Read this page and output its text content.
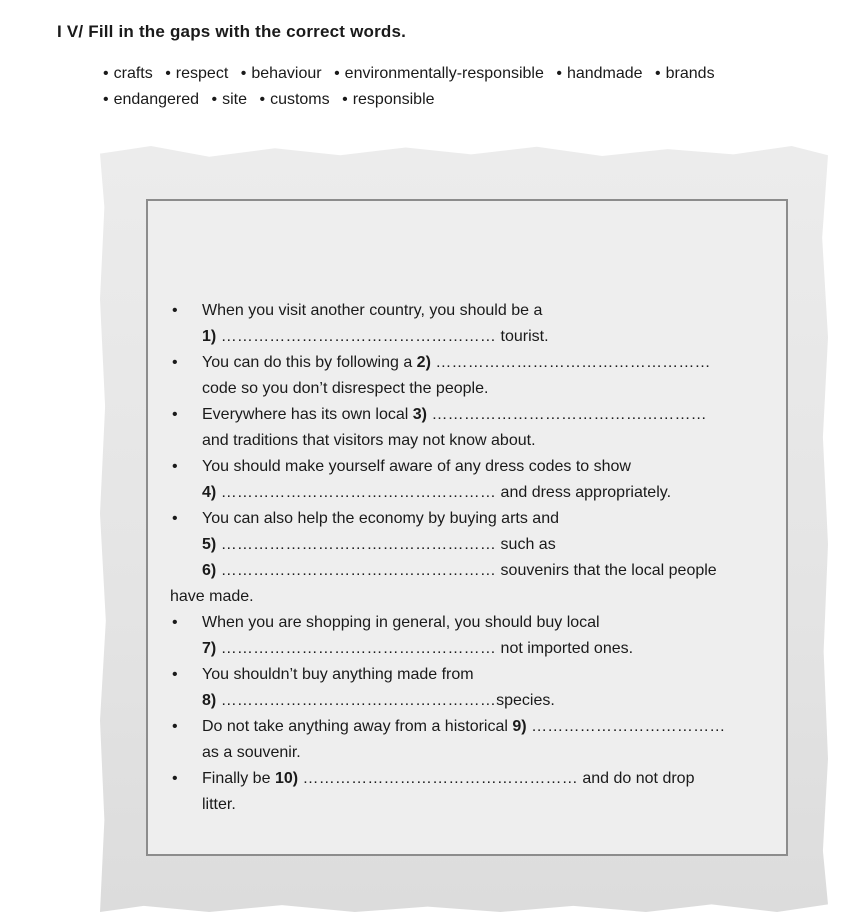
I V/ Fill in the gaps with the correct words.
• crafts • respect • behaviour • environmentally-responsible • handmade • brands
• endangered • site • customs • responsible
• When you visit another country, you should be a
1) …………………………………………… tourist.
• You can do this by following a 2) ……………………………………………
code so you don’t disrespect the people.
• Everywhere has its own local 3) ……………………………………………
and traditions that visitors may not know about.
• You should make yourself aware of any dress codes to show
4) …………………………………………… and dress appropriately.
• You can also help the economy by buying arts and
5) …………………………………………… such as
6) …………………………………………… souvenirs that the local people
have made.
• When you are shopping in general, you should buy local
7) …………………………………………… not imported ones.
• You shouldn’t buy anything made from
8) ……………………………………………species.
• Do not take anything away from a historical 9) ………………………………
as a souvenir.
• Finally be 10) …………………………………………… and do not drop
litter.
